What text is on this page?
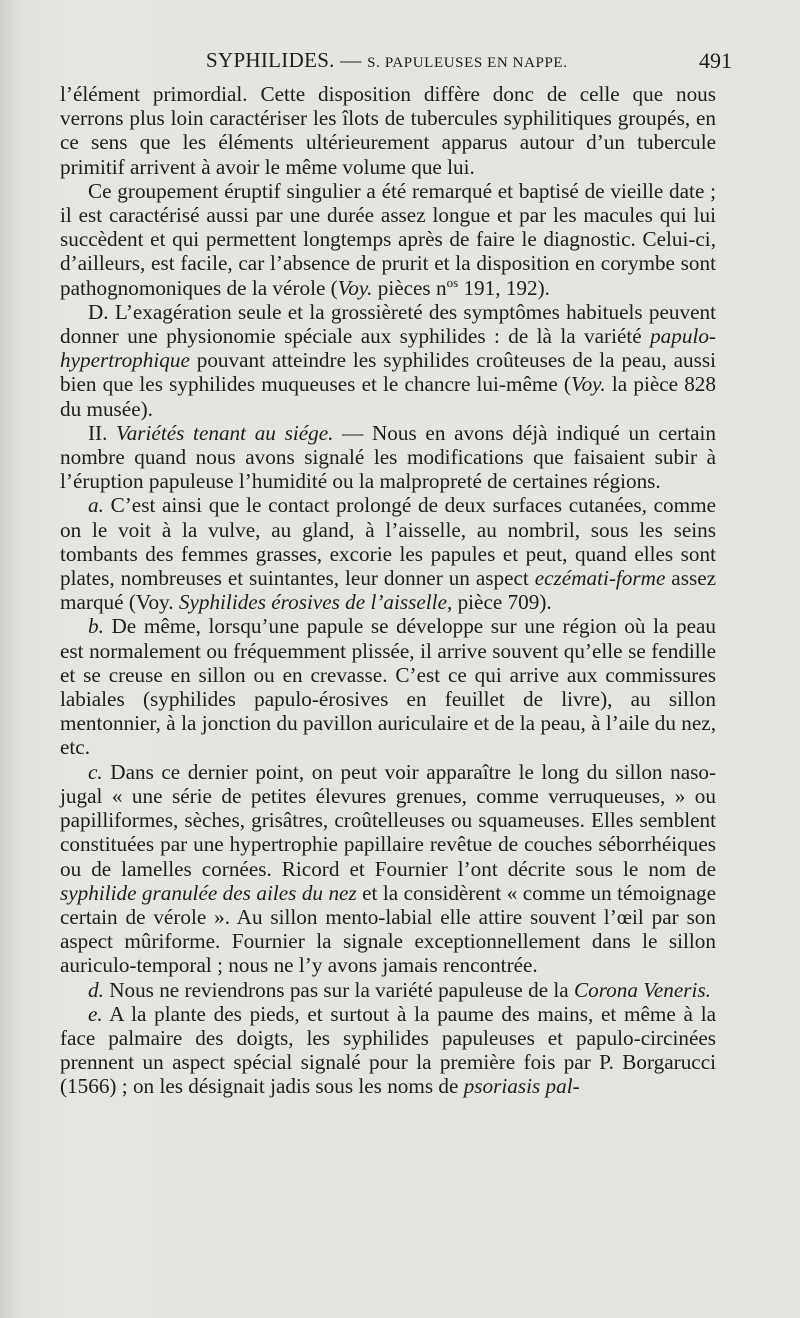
SYPHILIDES. — S. PAPULEUSES EN NAPPE.	491

l’élément primordial. Cette disposition diffère donc de celle que nous verrons plus loin caractériser les îlots de tubercules syphilitiques groupés, en ce sens que les éléments ultérieurement apparus autour d’un tubercule primitif arrivent à avoir le même volume que lui.

Ce groupement éruptif singulier a été remarqué et baptisé de vieille date ; il est caractérisé aussi par une durée assez longue et par les macules qui lui succèdent et qui permettent longtemps après de faire le diagnostic. Celui-ci, d’ailleurs, est facile, car l’absence de prurit et la disposition en corymbe sont pathognomoniques de la vérole (Voy. pièces $n^{os}$ 191, 192).

D. L’exagération seule et la grossièreté des symptômes habituels peuvent donner une physionomie spéciale aux syphilides : de là la variété papulo-hypertrophique pouvant atteindre les syphilides croûteuses de la peau, aussi bien que les syphilides muqueuses et le chancre lui-même (Voy. la pièce 828 du musée).

II. Variétés tenant au siége. — Nous en avons déjà indiqué un certain nombre quand nous avons signalé les modifications que faisaient subir à l’éruption papuleuse l’humidité ou la malpropreté de certaines régions.

a. C’est ainsi que le contact prolongé de deux surfaces cutanées, comme on le voit à la vulve, au gland, à l’aisselle, au nombril, sous les seins tombants des femmes grasses, excorie les papules et peut, quand elles sont plates, nombreuses et suintantes, leur donner un aspect eczémati-forme assez marqué (Voy. Syphilides érosives de l’aisselle, pièce 709).

b. De même, lorsqu’une papule se développe sur une région où la peau est normalement ou fréquemment plissée, il arrive souvent qu’elle se fendille et se creuse en sillon ou en crevasse. C’est ce qui arrive aux commissures labiales (syphilides papulo-érosives en feuillet de livre), au sillon mentonnier, à la jonction du pavillon auriculaire et de la peau, à l’aile du nez, etc.

c. Dans ce dernier point, on peut voir apparaître le long du sillon naso-jugal « une série de petites élevures grenues, comme verruqueuses, » ou papilliformes, sèches, grisâtres, croûtelleuses ou squameuses. Elles semblent constituées par une hypertrophie papillaire revêtue de couches séborrhéiques ou de lamelles cornées. Ricord et Fournier l’ont décrite sous le nom de syphilide granulée des ailes du nez et la considèrent « comme un témoignage certain de vérole ». Au sillon mento-labial elle attire souvent l’œil par son aspect mûriforme. Fournier la signale exceptionnellement dans le sillon auriculo-temporal ; nous ne l’y avons jamais rencontrée.

d. Nous ne reviendrons pas sur la variété papuleuse de la Corona Veneris.

e. A la plante des pieds, et surtout à la paume des mains, et même à la face palmaire des doigts, les syphilides papuleuses et papulo-circinées prennent un aspect spécial signalé pour la première fois par P. Borgarucci (1566) ; on les désignait jadis sous les noms de psoriasis pal-
